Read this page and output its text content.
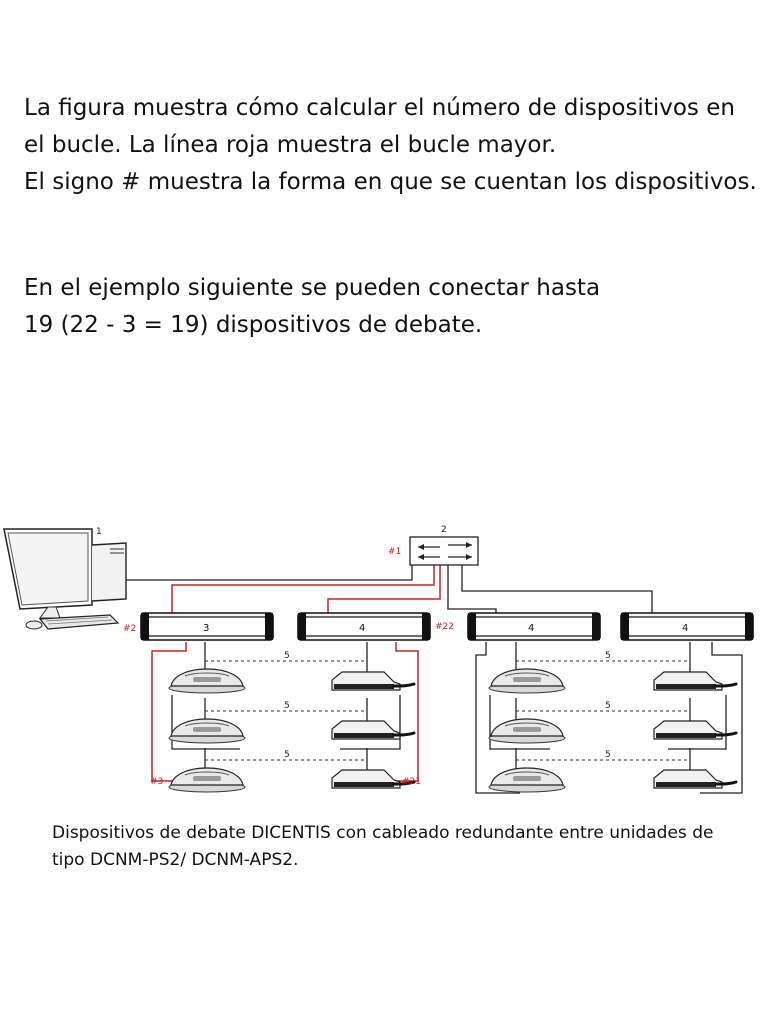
La figura muestra cómo calcular el número de dispositivos en
el bucle. La línea roja muestra el bucle mayor.
El signo # muestra la forma en que se cuentan los dispositivos.

En el ejemplo siguiente se pueden conectar hasta
19 (22 - 3 = 19) dispositivos de debate.

1	2
3	4	4	4
5
5
5
5
5
5
#1
#2	#22
#3	#21

Dispositivos de debate DICENTIS con cableado redundante entre unidades de
tipo DCNM-PS2/ DCNM-APS2.
